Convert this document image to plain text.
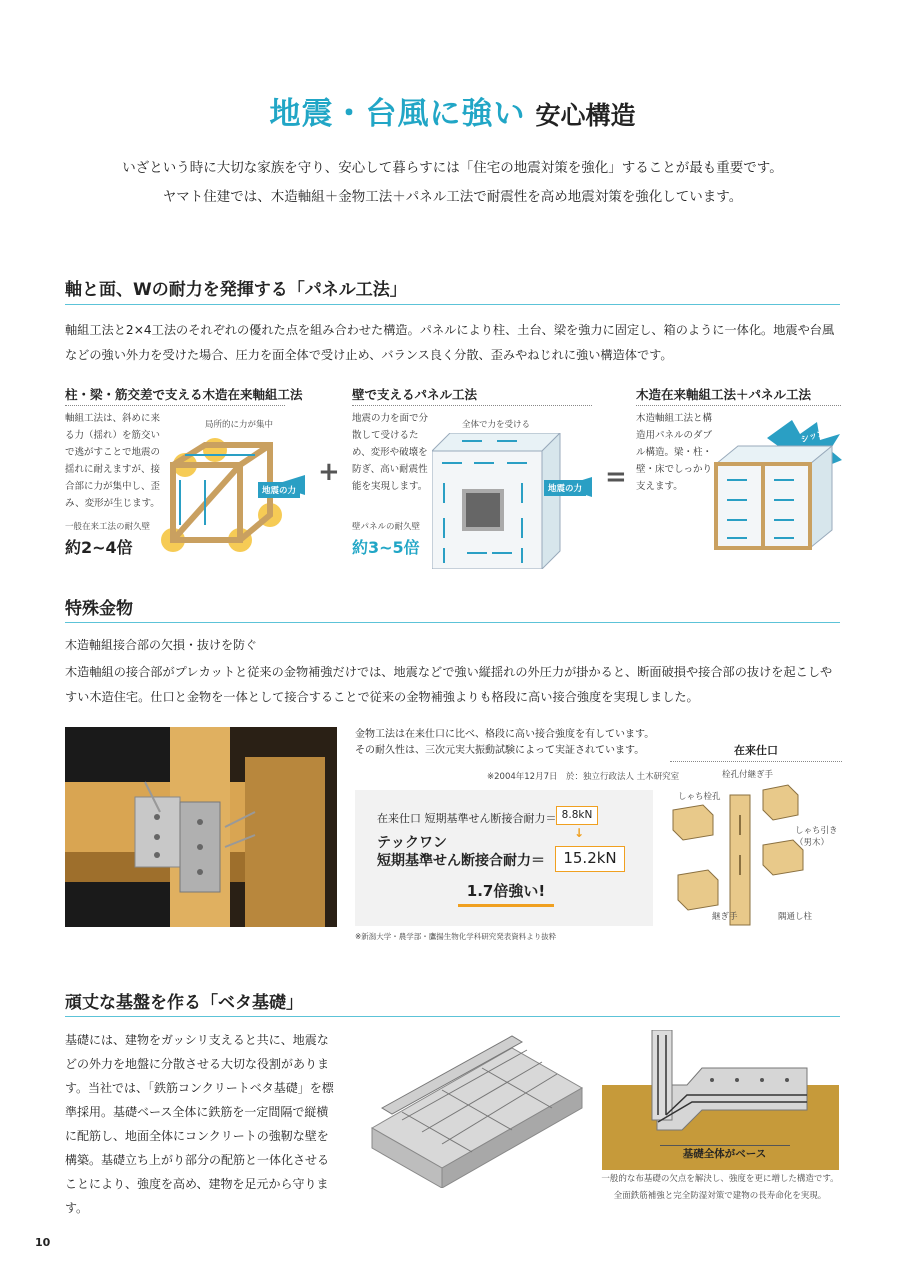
地震・台風に強い 安心構造
いざという時に大切な家族を守り、安心して暮らすには「住宅の地震対策を強化」することが最も重要です。
ヤマト住建では、木造軸組＋金物工法＋パネル工法で耐震性を高め地震対策を強化しています。
軸と面、Wの耐力を発揮する「パネル工法」
軸組工法と2×4工法のそれぞれの優れた点を組み合わせた構造。パネルにより柱、土台、梁を強力に固定し、箱のように一体化。地震や台風などの強い外力を受けた場合、圧力を面全体で受け止め、バランス良く分散、歪みやねじれに強い構造体です。
柱・梁・筋交差で支える木造在来軸組工法
軸組工法は、斜めに来る力（揺れ）を筋交いで逃がすことで地震の揺れに耐えますが、接合部に力が集中し、歪み、変形が生じます。
一般在来工法の耐久壁
約2~4倍
局所的に力が集中
地震の力
+
壁で支えるパネル工法
地震の力を面で分散して受けるため、変形や破壊を防ぎ、高い耐震性能を実現します。
壁パネルの耐久壁
約3~5倍
全体で力を受ける
地震の力 =
木造在来軸組工法＋パネル工法
木造軸組工法と構造用パネルのダブル構造。梁・柱・壁・床でしっかり支えます。
シッカリ
特殊金物
木造軸組接合部の欠損・抜けを防ぐ
木造軸組の接合部がプレカットと従来の金物補強だけでは、地震などで強い縦揺れの外圧力が掛かると、断面破損や接合部の抜けを起こしやすい木造住宅。仕口と金物を一体として接合することで従来の金物補強よりも格段に高い接合強度を実現しました。
金物工法は在来仕口に比べ、格段に高い接合強度を有しています。その耐久性は、三次元実大振動試験によって実証されています。
※2004年12月7日　於：独立行政法人 土木研究室
在来仕口 短期基準せん断接合耐力＝ 8.8kN
↓
テックワン
短期基準せん断接合耐力＝	15.2kN
1.7倍強い!
※新潟大学・農学部・鷹揚生物化学科研究発表資料より抜粋
在来仕口
栓孔付継ぎ手
しゃち栓孔
しゃち引き（男木）
継ぎ手	隅通し柱
頑丈な基盤を作る「ベタ基礎」
基礎には、建物をガッシリ支えると共に、地震などの外力を地盤に分散させる大切な役割があります。当社では、「鉄筋コンクリートベタ基礎」を標準採用。基礎ベース全体に鉄筋を一定間隔で縦横に配筋し、地面全体にコンクリートの強靭な壁を構築。基礎立ち上がり部分の配筋と一体化させることにより、強度を高め、建物を足元から守ります。
基礎全体がベース
一般的な布基礎の欠点を解決し、強度を更に増した構造です。
全面鉄筋補強と完全防湿対策で建物の長寿命化を実現。
10
